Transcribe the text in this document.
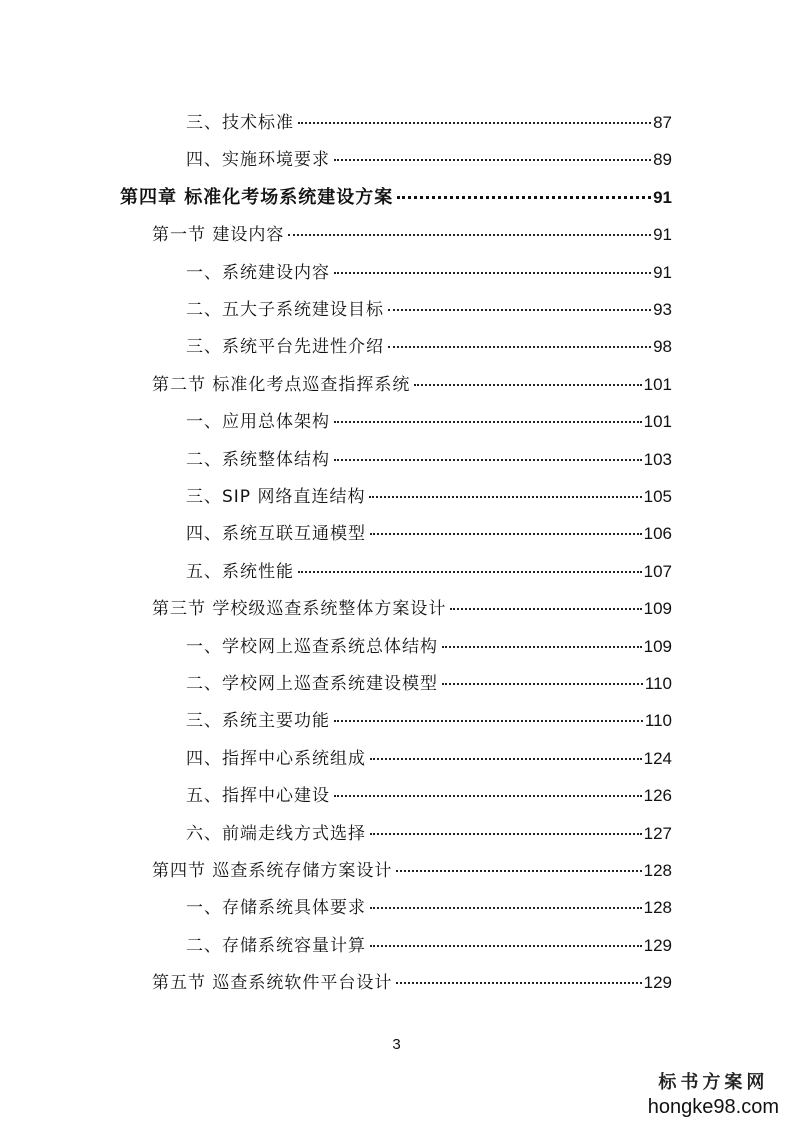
三、技术标准	87
四、实施环境要求	89
第四章 标准化考场系统建设方案	91
第一节 建设内容	91
一、系统建设内容	91
二、五大子系统建设目标	93
三、系统平台先进性介绍	98
第二节 标准化考点巡查指挥系统	101
一、应用总体架构	101
二、系统整体结构	103
三、SIP 网络直连结构	105
四、系统互联互通模型	106
五、系统性能	107
第三节 学校级巡查系统整体方案设计	109
一、学校网上巡查系统总体结构	109
二、学校网上巡查系统建设模型	110
三、系统主要功能	110
四、指挥中心系统组成	124
五、指挥中心建设	126
六、前端走线方式选择	127
第四节 巡查系统存储方案设计	128
一、存储系统具体要求	128
二、存储系统容量计算	129
第五节 巡查系统软件平台设计	129
3
标书方案网
hongke98.com
